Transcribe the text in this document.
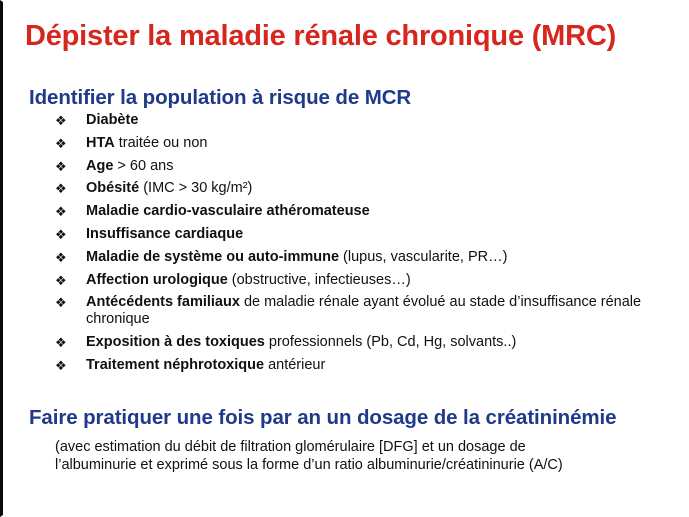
Dépister la maladie rénale chronique (MRC)
Identifier la population à risque de MCR
❖ Diabète
❖ HTA traitée ou non
❖ Age > 60 ans
❖ Obésité (IMC > 30 kg/m²)
❖ Maladie cardio-vasculaire athéromateuse
❖ Insuffisance cardiaque
❖ Maladie de système ou auto-immune (lupus, vascularite, PR…)
❖ Affection urologique (obstructive, infectieuses…)
❖ Antécédents familiaux de maladie rénale ayant évolué au stade d’insuffisance rénale chronique
❖ Exposition à des toxiques professionnels (Pb, Cd, Hg, solvants..)
❖ Traitement néphrotoxique antérieur
Faire pratiquer une fois par an un dosage de la créatininémie
(avec estimation du débit de filtration glomérulaire [DFG] et un dosage de
l’albuminurie et exprimé sous la forme d’un ratio albuminurie/créatininurie (A/C)
